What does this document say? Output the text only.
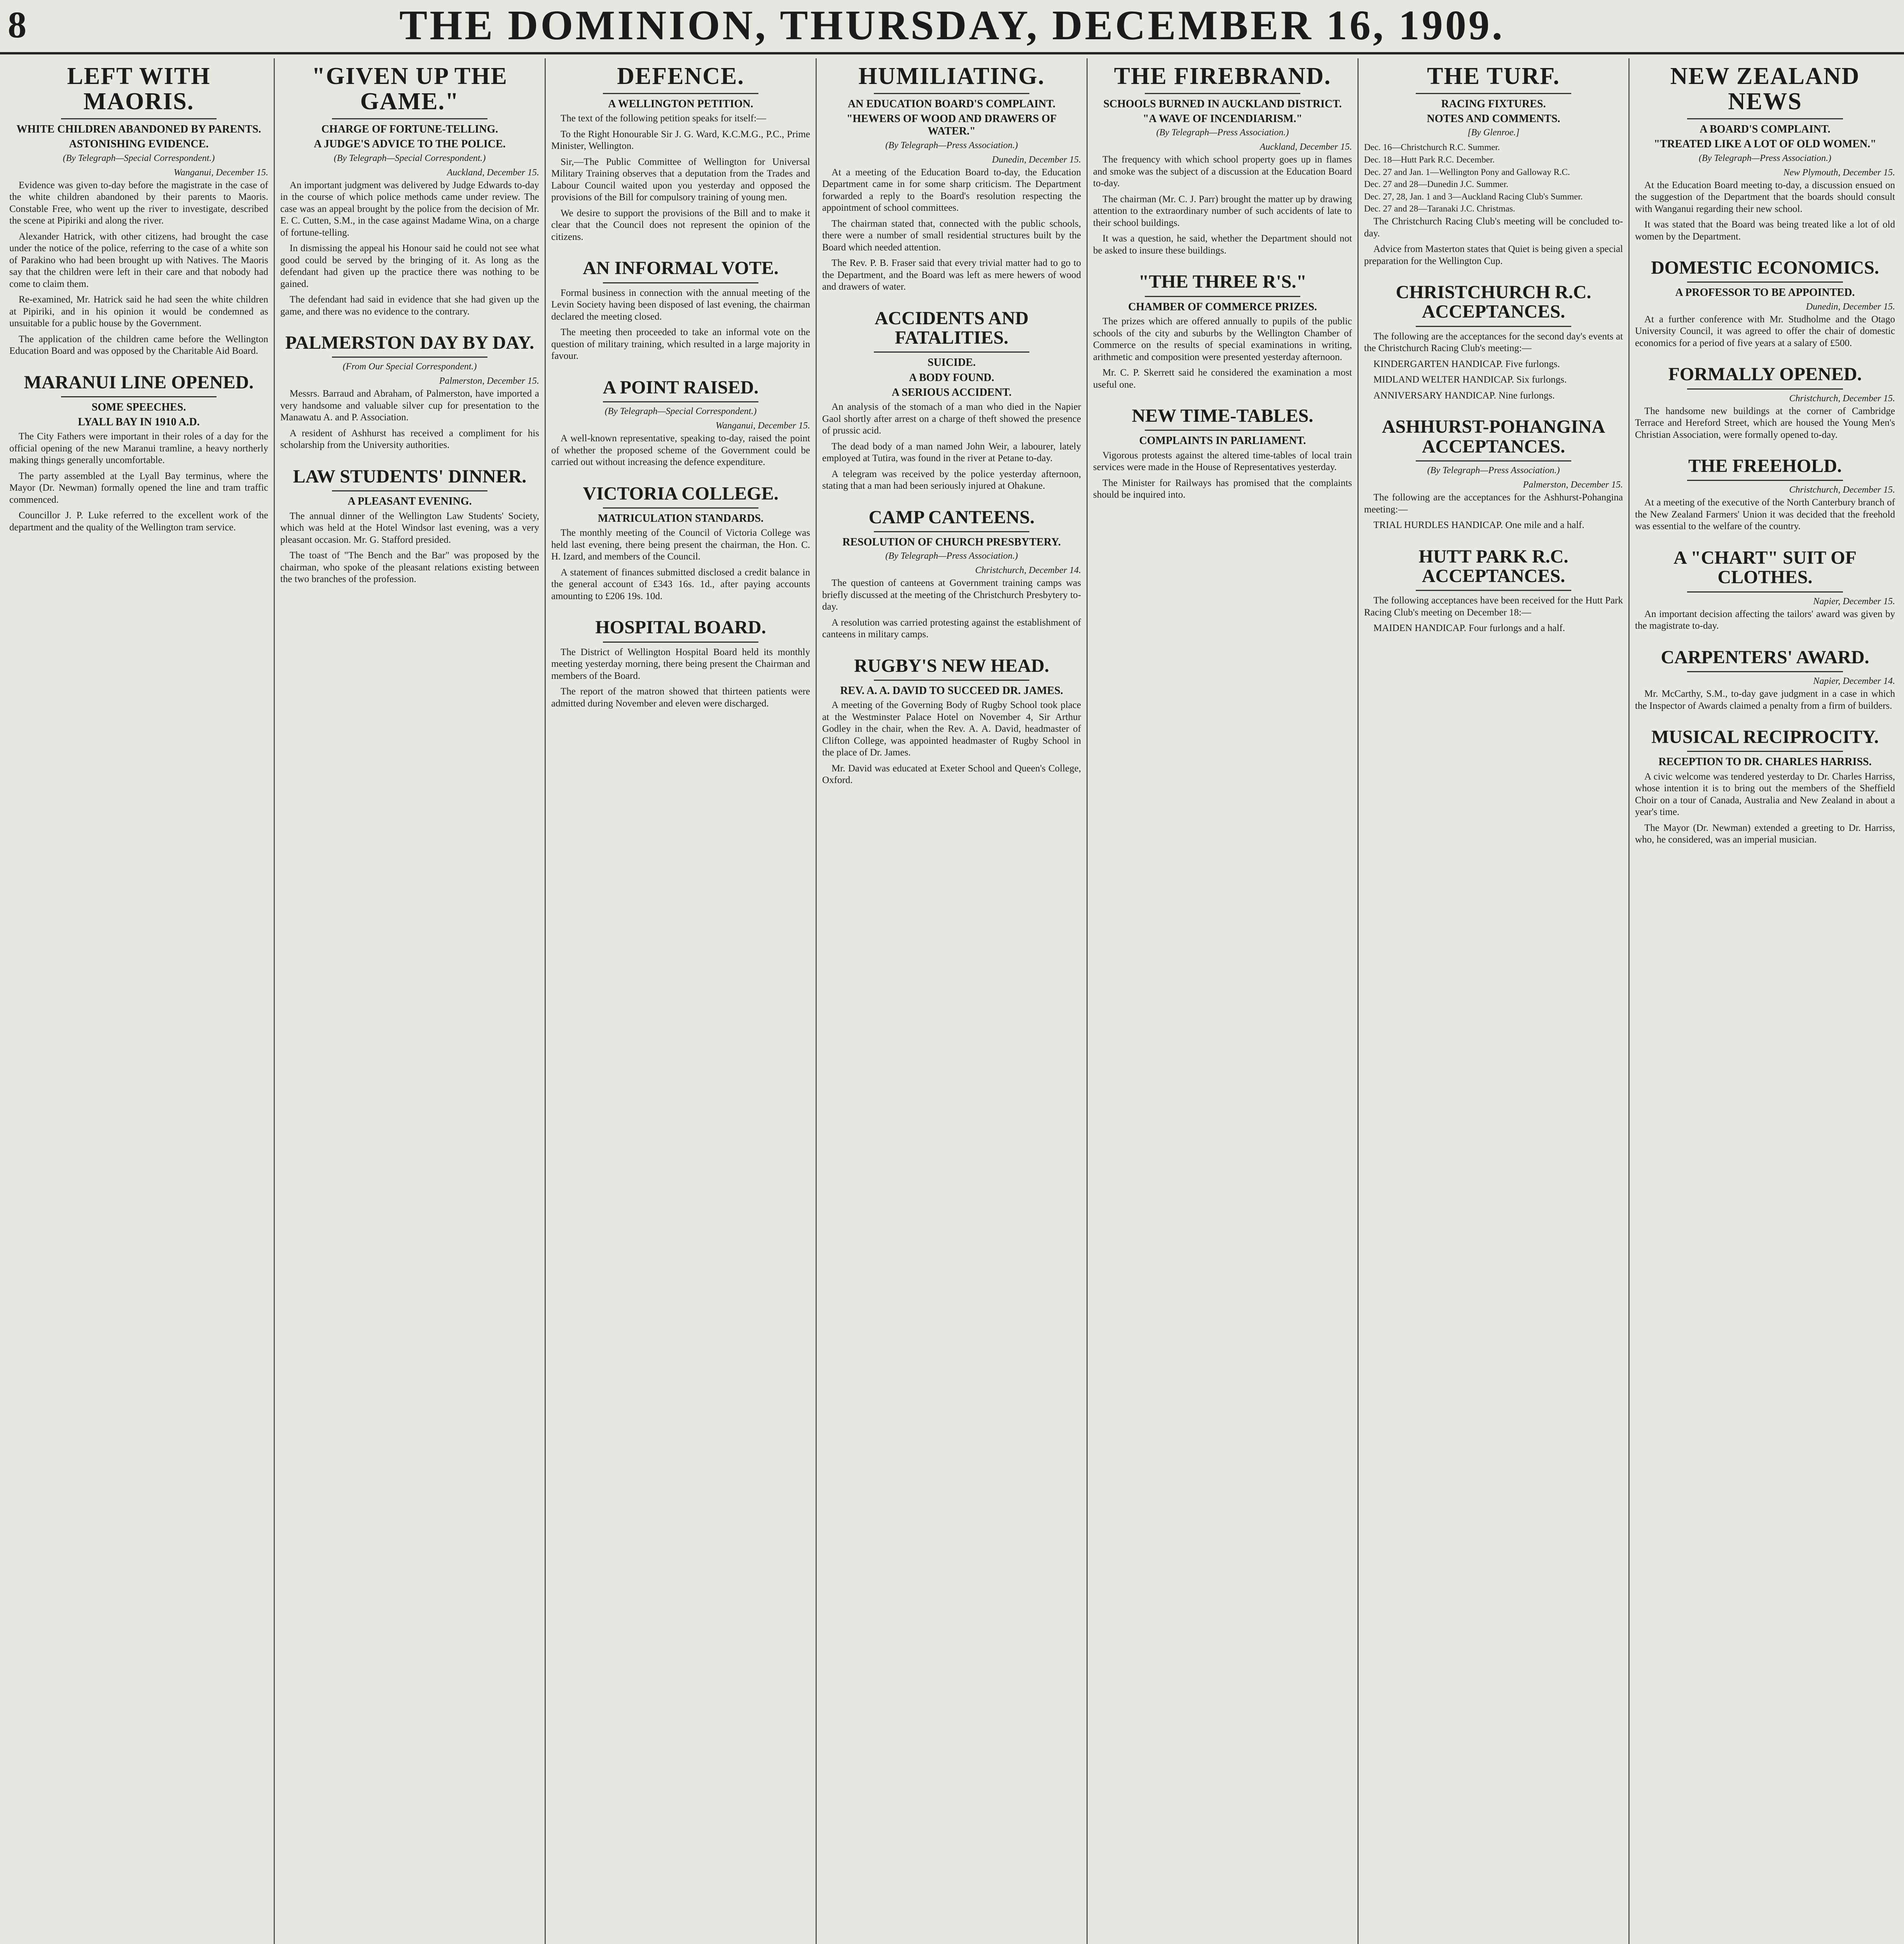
8	THE DOMINION, THURSDAY, DECEMBER 16, 1909.
LEFT WITH MAORIS.
WHITE CHILDREN ABANDONED BY PARENTS.
ASTONISHING EVIDENCE.
(By Telegraph—Special Correspondent.)
Wanganui, December 15.

Evidence was given to-day before the magistrate in the case of the white children abandoned by their parents to Maoris. Constable Free, who went up the river to investigate, described the scene at Pipiriki and along the river.

Alexander Hatrick, with other citizens, had brought the case under the notice of the police, referring to the case of a white son of Parakino who had been brought up with Natives. The Maoris say that the children were left in their care and that nobody had come to claim them.

Re-examined, Mr. Hatrick said he had seen the white children at Pipiriki, and in his opinion it would be condemned as unsuitable for a public house by the Government.

The application of the children came before the Wellington Education Board and was opposed by the Charitable Aid Board.

MARANUI LINE OPENED.
SOME SPEECHES.
LYALL BAY IN 1910 A.D.

The City Fathers were important in their roles of a day for the official opening of the new Maranui tramline, a heavy northerly making things generally uncomfortable.

The party assembled at the Lyall Bay terminus, where the Mayor (Dr. Newman) formally opened the line and tram traffic commenced.

Councillor J. P. Luke referred to the excellent work of the department and the quality of the Wellington tram service.

"GIVEN UP THE GAME."
CHARGE OF FORTUNE-TELLING.
A JUDGE'S ADVICE TO THE POLICE.
(By Telegraph—Special Correspondent.)
Auckland, December 15.

An important judgment was delivered by Judge Edwards to-day in the course of which police methods came under review. The case was an appeal brought by the police from the decision of Mr. E. C. Cutten, S.M., in the case against Madame Wina, on a charge of fortune-telling.

In dismissing the appeal his Honour said he could not see what good could be served by the bringing of it. As long as the defendant had given up the practice there was nothing to be gained.

The defendant had said in evidence that she had given up the game, and there was no evidence to the contrary.

PALMERSTON DAY BY DAY.
(From Our Special Correspondent.)
Palmerston, December 15.

Messrs. Barraud and Abraham, of Palmerston, have imported a very handsome and valuable silver cup for presentation to the Manawatu A. and P. Association.

A resident of Ashhurst has received a compliment for his scholarship from the University authorities.

LAW STUDENTS' DINNER.
A PLEASANT EVENING.

The annual dinner of the Wellington Law Students' Society, which was held at the Hotel Windsor last evening, was a very pleasant occasion. Mr. G. Stafford presided.

The toast of "The Bench and the Bar" was proposed by the chairman, who spoke of the pleasant relations existing between the two branches of the profession.

DEFENCE.
A WELLINGTON PETITION.

The text of the following petition speaks for itself:—

To the Right Honourable Sir J. G. Ward, K.C.M.G., P.C., Prime Minister, Wellington.

Sir,—The Public Committee of Wellington for Universal Military Training observes that a deputation from the Trades and Labour Council waited upon you yesterday and opposed the provisions of the Bill for compulsory training of young men.

We desire to support the provisions of the Bill and to make it clear that the Council does not represent the opinion of the citizens.

AN INFORMAL VOTE.

Formal business in connection with the annual meeting of the Levin Society having been disposed of last evening, the chairman declared the meeting closed.

The meeting then proceeded to take an informal vote on the question of military training, which resulted in a large majority in favour.

A POINT RAISED.
(By Telegraph—Special Correspondent.)
Wanganui, December 15.

A well-known representative, speaking to-day, raised the point of whether the proposed scheme of the Government could be carried out without increasing the defence expenditure.

VICTORIA COLLEGE.
MATRICULATION STANDARDS.

The monthly meeting of the Council of Victoria College was held last evening, there being present the chairman, the Hon. C. H. Izard, and members of the Council.

A statement of finances submitted disclosed a credit balance in the general account of £343 16s. 1d., after paying accounts amounting to £206 19s. 10d.

HOSPITAL BOARD.

The District of Wellington Hospital Board held its monthly meeting yesterday morning, there being present the Chairman and members of the Board.

The report of the matron showed that thirteen patients were admitted during November and eleven were discharged.

HUMILIATING.
AN EDUCATION BOARD'S COMPLAINT.
"HEWERS OF WOOD AND DRAWERS OF WATER."
(By Telegraph—Press Association.)
Dunedin, December 15.

At a meeting of the Education Board to-day, the Education Department came in for some sharp criticism. The Department forwarded a reply to the Board's resolution respecting the appointment of school committees.

The chairman stated that, connected with the public schools, there were a number of small residential structures built by the Board which needed attention.

The Rev. P. B. Fraser said that every trivial matter had to go to the Department, and the Board was left as mere hewers of wood and drawers of water.

ACCIDENTS AND FATALITIES.
SUICIDE.
A BODY FOUND.
A SERIOUS ACCIDENT.

An analysis of the stomach of a man who died in the Napier Gaol shortly after arrest on a charge of theft showed the presence of prussic acid.

The dead body of a man named John Weir, a labourer, lately employed at Tutira, was found in the river at Petane to-day.

A telegram was received by the police yesterday afternoon, stating that a man had been seriously injured at Ohakune.

CAMP CANTEENS.
RESOLUTION OF CHURCH PRESBYTERY.
(By Telegraph—Press Association.)
Christchurch, December 14.

The question of canteens at Government training camps was briefly discussed at the meeting of the Christchurch Presbytery to-day.

A resolution was carried protesting against the establishment of canteens in military camps.

RUGBY'S NEW HEAD.
REV. A. A. DAVID TO SUCCEED DR. JAMES.

A meeting of the Governing Body of Rugby School took place at the Westminster Palace Hotel on November 4, Sir Arthur Godley in the chair, when the Rev. A. A. David, headmaster of Clifton College, was appointed headmaster of Rugby School in the place of Dr. James.

Mr. David was educated at Exeter School and Queen's College, Oxford.

THE FIREBRAND.
SCHOOLS BURNED IN AUCKLAND DISTRICT.
"A WAVE OF INCENDIARISM."
(By Telegraph—Press Association.)
Auckland, December 15.

The frequency with which school property goes up in flames and smoke was the subject of a discussion at the Education Board to-day.

The chairman (Mr. C. J. Parr) brought the matter up by drawing attention to the extraordinary number of such accidents of late to their school buildings.

It was a question, he said, whether the Department should not be asked to insure these buildings.

"THE THREE R'S."
CHAMBER OF COMMERCE PRIZES.

The prizes which are offered annually to pupils of the public schools of the city and suburbs by the Wellington Chamber of Commerce on the results of special examinations in writing, arithmetic and composition were presented yesterday afternoon.

Mr. C. P. Skerrett said he considered the examination a most useful one.

NEW TIME-TABLES.
COMPLAINTS IN PARLIAMENT.

Vigorous protests against the altered time-tables of local train services were made in the House of Representatives yesterday.

The Minister for Railways has promised that the complaints should be inquired into.

THE TURF.
RACING FIXTURES.
NOTES AND COMMENTS.
[By Glenroe.]
Dec. 16—Christchurch R.C. Summer.
Dec. 18—Hutt Park R.C. December.
Dec. 27 and Jan. 1—Wellington Pony and Galloway R.C.
Dec. 27 and 28—Dunedin J.C. Summer.
Dec. 27, 28, Jan. 1 and 3—Auckland Racing Club's Summer.
Dec. 27 and 28—Taranaki J.C. Christmas.

The Christchurch Racing Club's meeting will be concluded to-day.

Advice from Masterton states that Quiet is being given a special preparation for the Wellington Cup.

CHRISTCHURCH R.C. ACCEPTANCES.

The following are the acceptances for the second day's events at the Christchurch Racing Club's meeting:—

KINDERGARTEN HANDICAP. Five furlongs.

MIDLAND WELTER HANDICAP. Six furlongs.

ANNIVERSARY HANDICAP. Nine furlongs.

ASHHURST-POHANGINA ACCEPTANCES.
(By Telegraph—Press Association.)
Palmerston, December 15.

The following are the acceptances for the Ashhurst-Pohangina meeting:—

TRIAL HURDLES HANDICAP. One mile and a half.

HUTT PARK R.C. ACCEPTANCES.

The following acceptances have been received for the Hutt Park Racing Club's meeting on December 18:—

MAIDEN HANDICAP. Four furlongs and a half.

NEW ZEALAND NEWS
A BOARD'S COMPLAINT.
"TREATED LIKE A LOT OF OLD WOMEN."
(By Telegraph—Press Association.)
New Plymouth, December 15.

At the Education Board meeting to-day, a discussion ensued on the suggestion of the Department that the boards should consult with Wanganui regarding their new school.

It was stated that the Board was being treated like a lot of old women by the Department.

DOMESTIC ECONOMICS.
A PROFESSOR TO BE APPOINTED.
Dunedin, December 15.

At a further conference with Mr. Studholme and the Otago University Council, it was agreed to offer the chair of domestic economics for a period of five years at a salary of £500.

FORMALLY OPENED.
Christchurch, December 15.

The handsome new buildings at the corner of Cambridge Terrace and Hereford Street, which are housed the Young Men's Christian Association, were formally opened to-day.

THE FREEHOLD.
Christchurch, December 15.

At a meeting of the executive of the North Canterbury branch of the New Zealand Farmers' Union it was decided that the freehold was essential to the welfare of the country.

A "CHART" SUIT OF CLOTHES.
Napier, December 15.

An important decision affecting the tailors' award was given by the magistrate to-day.

CARPENTERS' AWARD.
Napier, December 14.

Mr. McCarthy, S.M., to-day gave judgment in a case in which the Inspector of Awards claimed a penalty from a firm of builders.

MUSICAL RECIPROCITY.
RECEPTION TO DR. CHARLES HARRISS.

A civic welcome was tendered yesterday to Dr. Charles Harriss, whose intention it is to bring out the members of the Sheffield Choir on a tour of Canada, Australia and New Zealand in about a year's time.

The Mayor (Dr. Newman) extended a greeting to Dr. Harriss, who, he considered, was an imperial musician.
